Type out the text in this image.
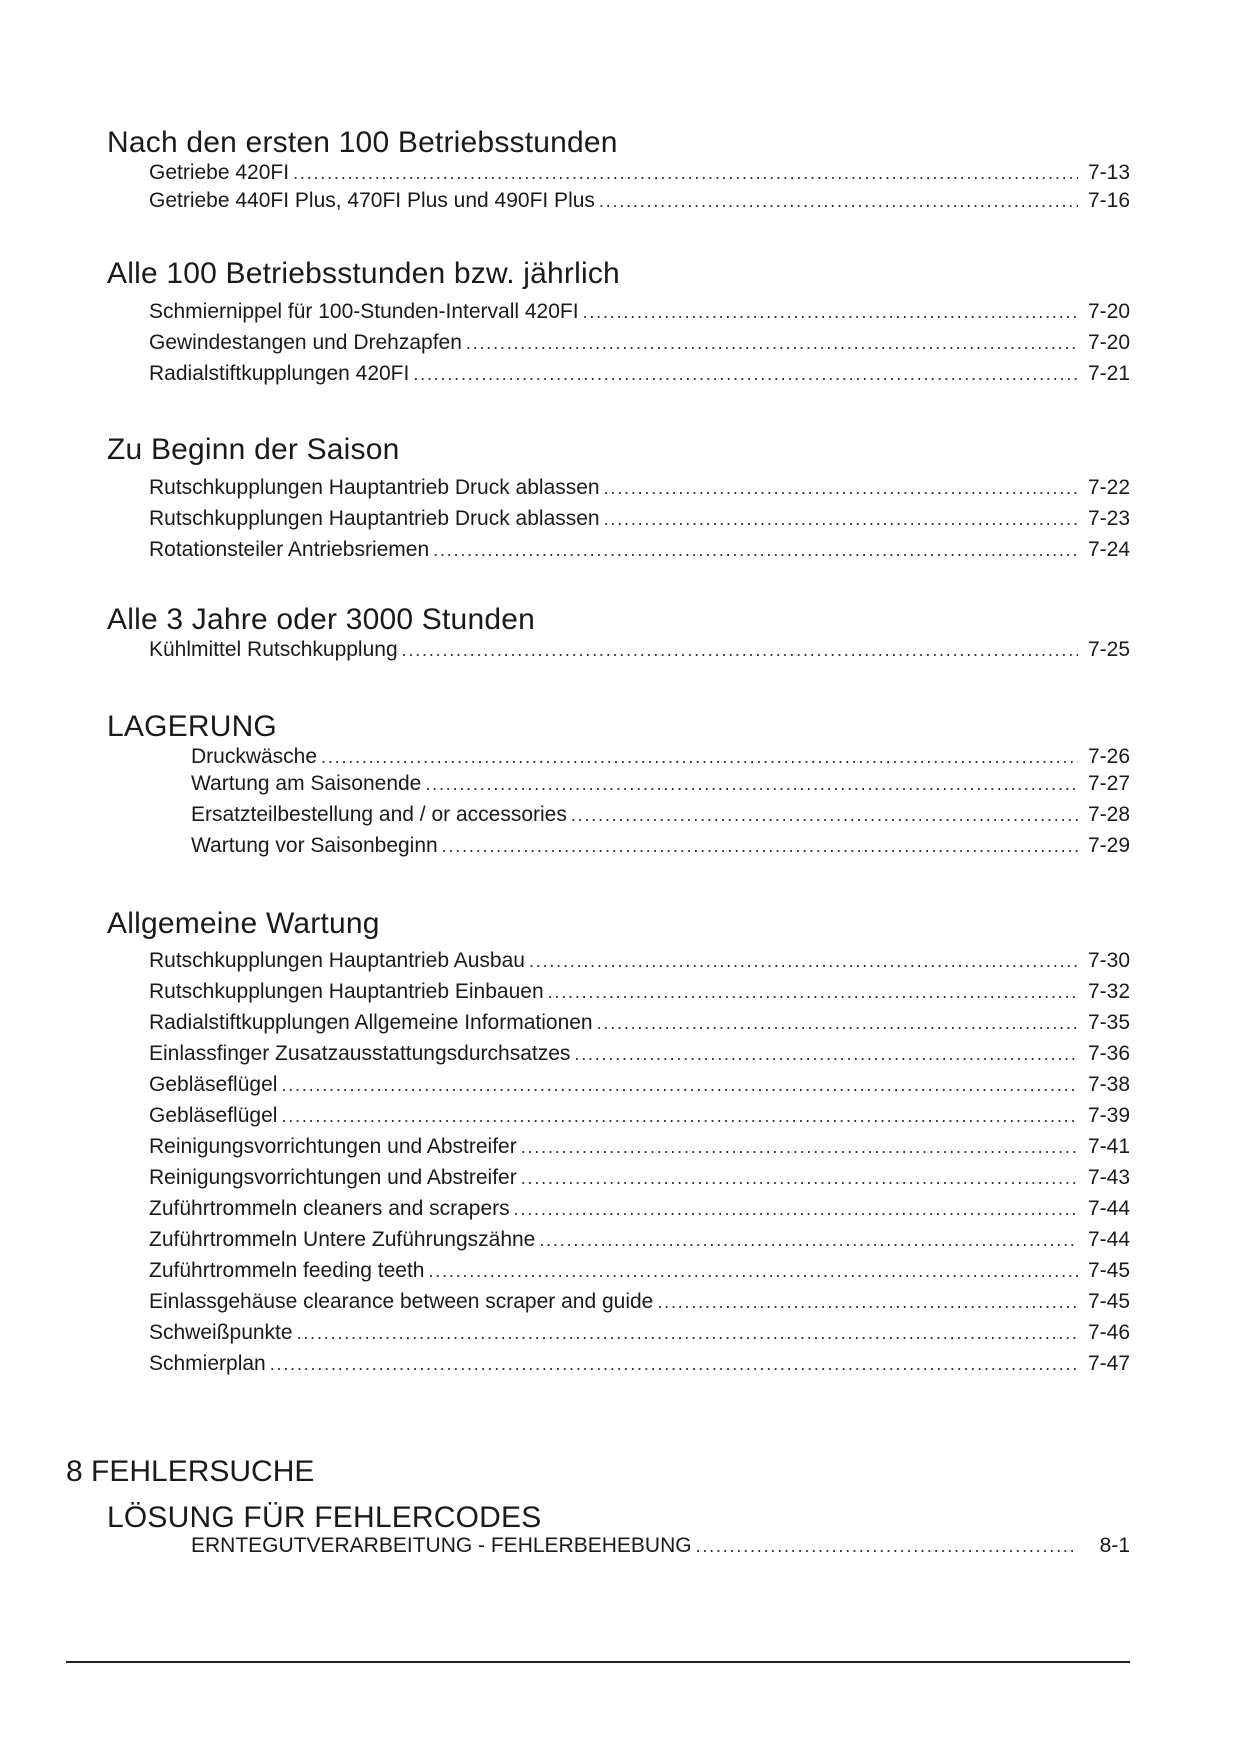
Nach den ersten 100 Betriebsstunden
Getriebe 420FI . . .	7-13
Getriebe 440FI Plus, 470FI Plus und 490FI Plus . . .	7-16
Alle 100 Betriebsstunden bzw. jährlich
Schmiernippel für 100-Stunden-Intervall 420FI . . .	7-20
Gewindestangen und Drehzapfen . . .	7-20
Radialstiftkupplungen 420FI . . .	7-21
Zu Beginn der Saison
Rutschkupplungen Hauptantrieb Druck ablassen . . .	7-22
Rutschkupplungen Hauptantrieb Druck ablassen . . .	7-23
Rotationsteiler Antriebsriemen . . .	7-24
Alle 3 Jahre oder 3000 Stunden
Kühlmittel Rutschkupplung . . .	7-25
LAGERUNG
Druckwäsche . . .	7-26
Wartung am Saisonende . . .	7-27
Ersatzteilbestellung and / or accessories . . .	7-28
Wartung vor Saisonbeginn . . .	7-29
Allgemeine Wartung
Rutschkupplungen Hauptantrieb Ausbau . . .	7-30
Rutschkupplungen Hauptantrieb Einbauen . . .	7-32
Radialstiftkupplungen Allgemeine Informationen . . .	7-35
Einlassfinger Zusatzausstattungsdurchsatzes . . .	7-36
Gebläseflügel . . .	7-38
Gebläseflügel . . .	7-39
Reinigungsvorrichtungen und Abstreifer . . .	7-41
Reinigungsvorrichtungen und Abstreifer . . .	7-43
Zuführtrommeln cleaners and scrapers . . .	7-44
Zuführtrommeln Untere Zuführungszähne . . .	7-44
Zuführtrommeln feeding teeth . . .	7-45
Einlassgehäuse clearance between scraper and guide . . .	7-45
Schweißpunkte . . .	7-46
Schmierplan . . .	7-47
8 FEHLERSUCHE
LÖSUNG FÜR FEHLERCODES
ERNTEGUTVERARBEITUNG - FEHLERBEHEBUNG . . .	8-1
